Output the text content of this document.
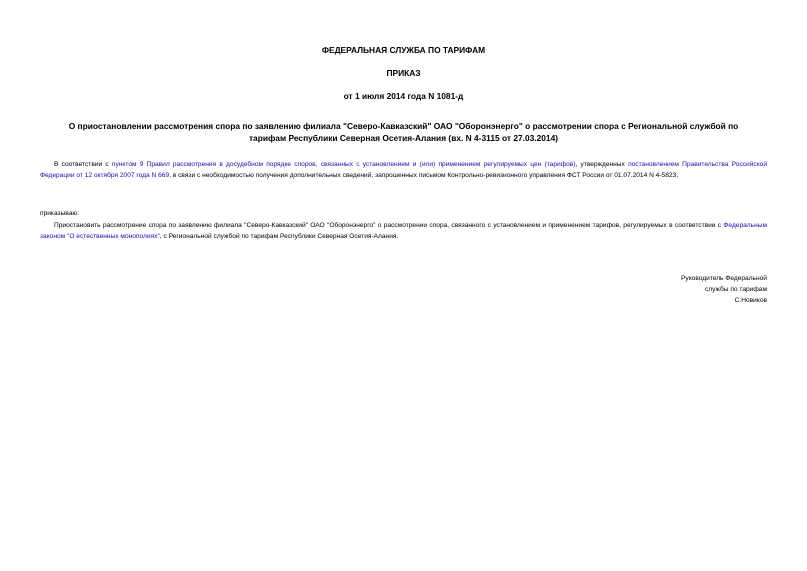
ФЕДЕРАЛЬНАЯ СЛУЖБА ПО ТАРИФАМ
ПРИКАЗ
от 1 июля 2014 года N 1081-д
О приостановлении рассмотрения спора по заявлению филиала "Северо-Кавказский" ОАО "Оборонэнерго" о рассмотрении спора с Региональной службой по
тарифам Республики Северная Осетия-Алания (вх. N 4-3115 от 27.03.2014)
В соответствии с пунктом 9 Правил рассмотрения в досудебном порядке споров, связанных с установлением и (или) применением регулируемых цен (тарифов), утвержденных постановлением Правительства Российской Федерации от 12 октября 2007 года N 669, в связи с необходимостью получения дополнительных сведений, запрошенных письмом Контрольно-ревизионного управления ФСТ России от 01.07.2014 N 4-5823,
приказываю:
Приостановить рассмотрение спора по заявлению филиала "Северо-Кавказский" ОАО "Оборонэнерго" о рассмотрении спора, связанного с установлением и применением тарифов, регулируемых в соответствии с Федеральным законом "О естественных монополиях", с Региональной службой по тарифам Республики Северная Осетия-Алания.
Руководитель Федеральной
службы по тарифам
С.Новиков
